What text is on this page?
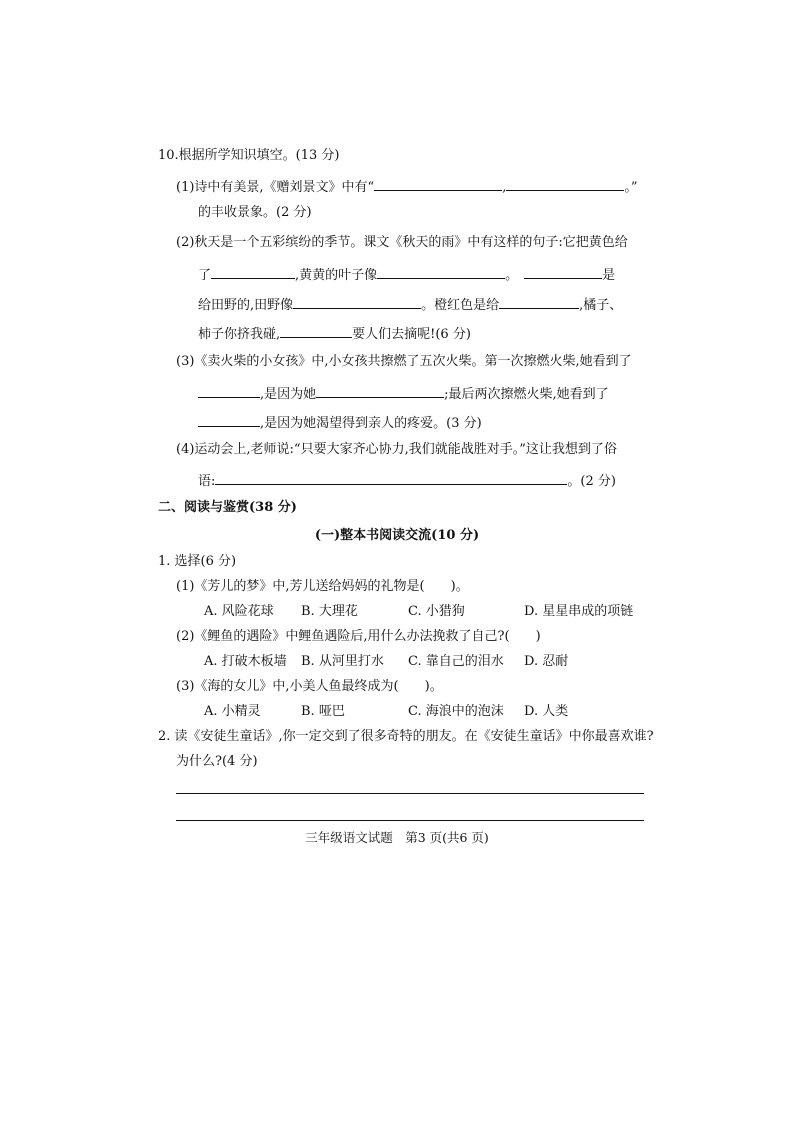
10.根据所学知识填空。(13 分)
(1)诗中有美景,《赠刘景文》中有“	,	。”
的丰收景象。(2 分)
(2)秋天是一个五彩缤纷的季节。课文《秋天的雨》中有这样的句子:它把黄色给
了	,黄黄的叶子像	。	是
给田野的,田野像	。橙红色是给	,橘子、
柿子你挤我碰,	要人们去摘呢!(6 分)
(3)《卖火柴的小女孩》中,小女孩共擦燃了五次火柴。第一次擦燃火柴,她看到了
,是因为她	;最后两次擦燃火柴,她看到了
,是因为她渴望得到亲人的疼爱。(3 分)
(4)运动会上,老师说:“只要大家齐心协力,我们就能战胜对手。”这让我想到了俗
语:	。(2 分)
二、阅读与鉴赏(38 分)
(一)整本书阅读交流(10 分)
1. 选择(6 分)
(1)《芳儿的梦》中,芳儿送给妈妈的礼物是(　　)。
A. 风险花球 B. 大理花	C. 小猎狗	D. 星星串成的项链
(2)《鲤鱼的遇险》中鲤鱼遇险后,用什么办法挽救了自己?(　　)
A. 打破木板墙 B. 从河里打水 C. 靠自己的泪水 D. 忍耐
(3)《海的女儿》中,小美人鱼最终成为(　　)。
A. 小精灵	B. 哑巴	C. 海浪中的泡沫 D. 人类
2. 读《安徒生童话》,你一定交到了很多奇特的朋友。在《安徒生童话》中你最喜欢谁?
为什么?(4 分)
三年级语文试题　第3 页(共6 页)
